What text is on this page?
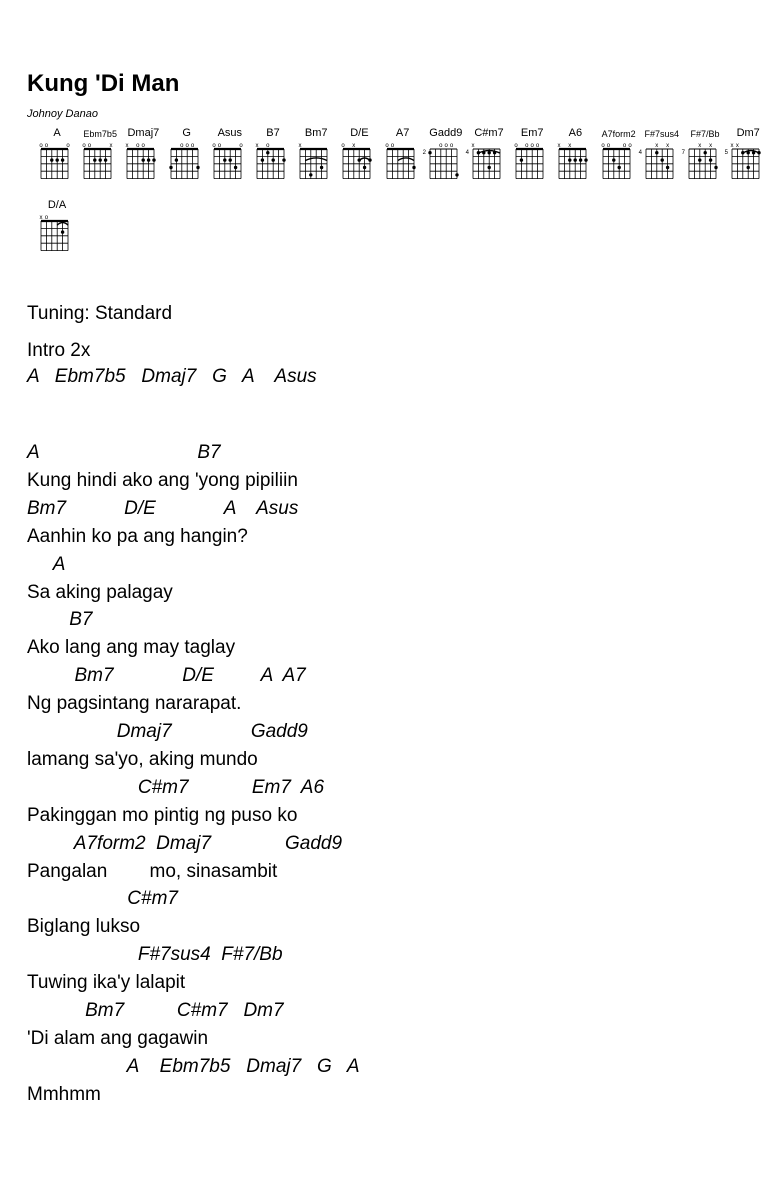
Kung 'Di Man
Johnoy Danao
A
o o	o
Ebm7b5
o o	x
Dmaj7
x o o
G
o o o
Asus
o o	o
B7
x o
Bm7
x
D/E
o x
A7
o o
Gadd9
o o o
2
C#m7
x
4
Em7
o o o o
A6
x x
A7form2
o o o o
F#7sus4
x x
4
F#7/Bb
x x
7
Dm7
x x
5
D/A
x o
Tuning: Standard
Intro 2x
A   Ebm7b5   Dmaj7   G   A    Asus
A                              B7
Kung hindi ako ang 'yong pipiliin
Bm7           D/E             A    Asus
Aanhin ko pa ang hangin?
A
Sa aking palagay
B7
Ako lang ang may taglay
Bm7             D/E         A  A7
Ng pagsintang nararapat.
Dmaj7               Gadd9
lamang sa'yo, aking mundo
C#m7            Em7  A6
Pakinggan mo pintig ng puso ko
A7form2  Dmaj7              Gadd9
Pangalan        mo, sinasambit
C#m7
Biglang lukso
F#7sus4  F#7/Bb
Tuwing ika'y lalapit
Bm7          C#m7   Dm7
'Di alam ang gagawin
A    Ebm7b5   Dmaj7   G   A
Mmhmm
